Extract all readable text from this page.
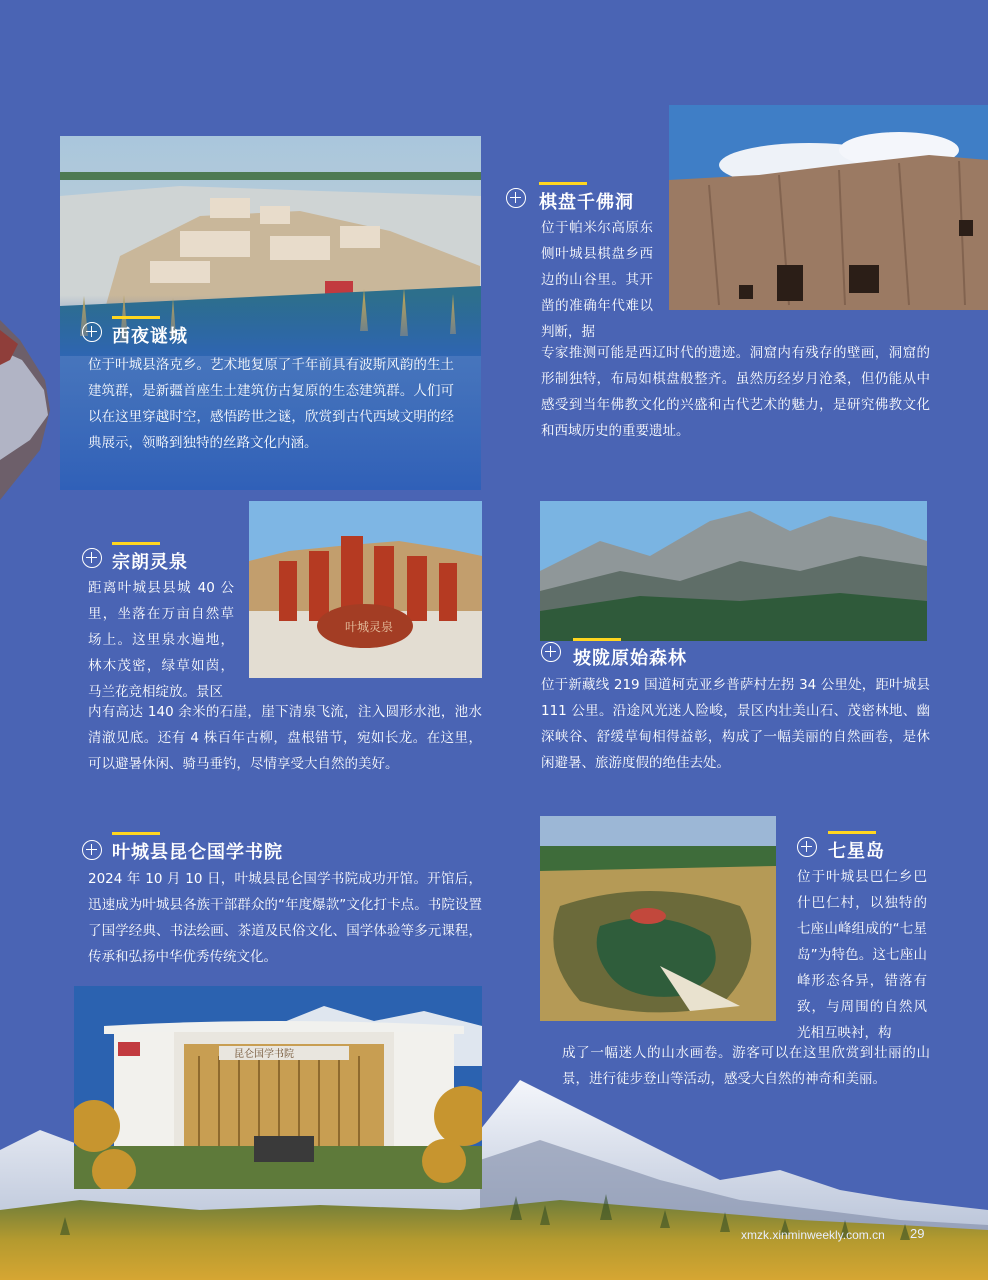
西夜谜城
位于叶城县洛克乡。艺术地复原了千年前具有波斯风韵的生土建筑群，是新疆首座生土建筑仿古复原的生态建筑群。人们可以在这里穿越时空，感悟跨世之谜，欣赏到古代西域文明的经典展示，领略到独特的丝路文化内涵。
棋盘千佛洞
位于帕米尔高原东侧叶城县棋盘乡西边的山谷里。其开凿的准确年代难以判断，据
专家推测可能是西辽时代的遗迹。洞窟内有残存的壁画，洞窟的形制独特，布局如棋盘般整齐。虽然历经岁月沧桑，但仍能从中感受到当年佛教文化的兴盛和古代艺术的魅力，是研究佛教文化和西域历史的重要遗址。
叶城灵泉
宗朗灵泉
距离叶城县县城 40 公里，坐落在万亩自然草场上。这里泉水遍地，林木茂密，绿草如茵，马兰花竞相绽放。景区
内有高达 140 余米的石崖，崖下清泉飞流，注入圆形水池，池水清澈见底。还有 4 株百年古柳，盘根错节，宛如长龙。在这里，可以避暑休闲、骑马垂钓，尽情享受大自然的美好。
坡陇原始森林
位于新藏线 219 国道柯克亚乡普萨村左拐 34 公里处，距叶城县 111 公里。沿途风光迷人险峻，景区内壮美山石、茂密林地、幽深峡谷、舒缓草甸相得益彰，构成了一幅美丽的自然画卷，是休闲避暑、旅游度假的绝佳去处。
叶城县昆仑国学书院
2024 年 10 月 10 日，叶城县昆仑国学书院成功开馆。开馆后，迅速成为叶城县各族干部群众的“年度爆款”文化打卡点。书院设置了国学经典、书法绘画、茶道及民俗文化、国学体验等多元课程，传承和弘扬中华优秀传统文化。
昆仑国学书院
七星岛
位于叶城县巴仁乡巴什巴仁村，以独特的七座山峰组成的“七星岛”为特色。这七座山峰形态各异，错落有致，与周围的自然风光相互映衬，构
成了一幅迷人的山水画卷。游客可以在这里欣赏到壮丽的山景，进行徒步登山等活动，感受大自然的神奇和美丽。
xmzk.xinminweekly.com.cn 29
